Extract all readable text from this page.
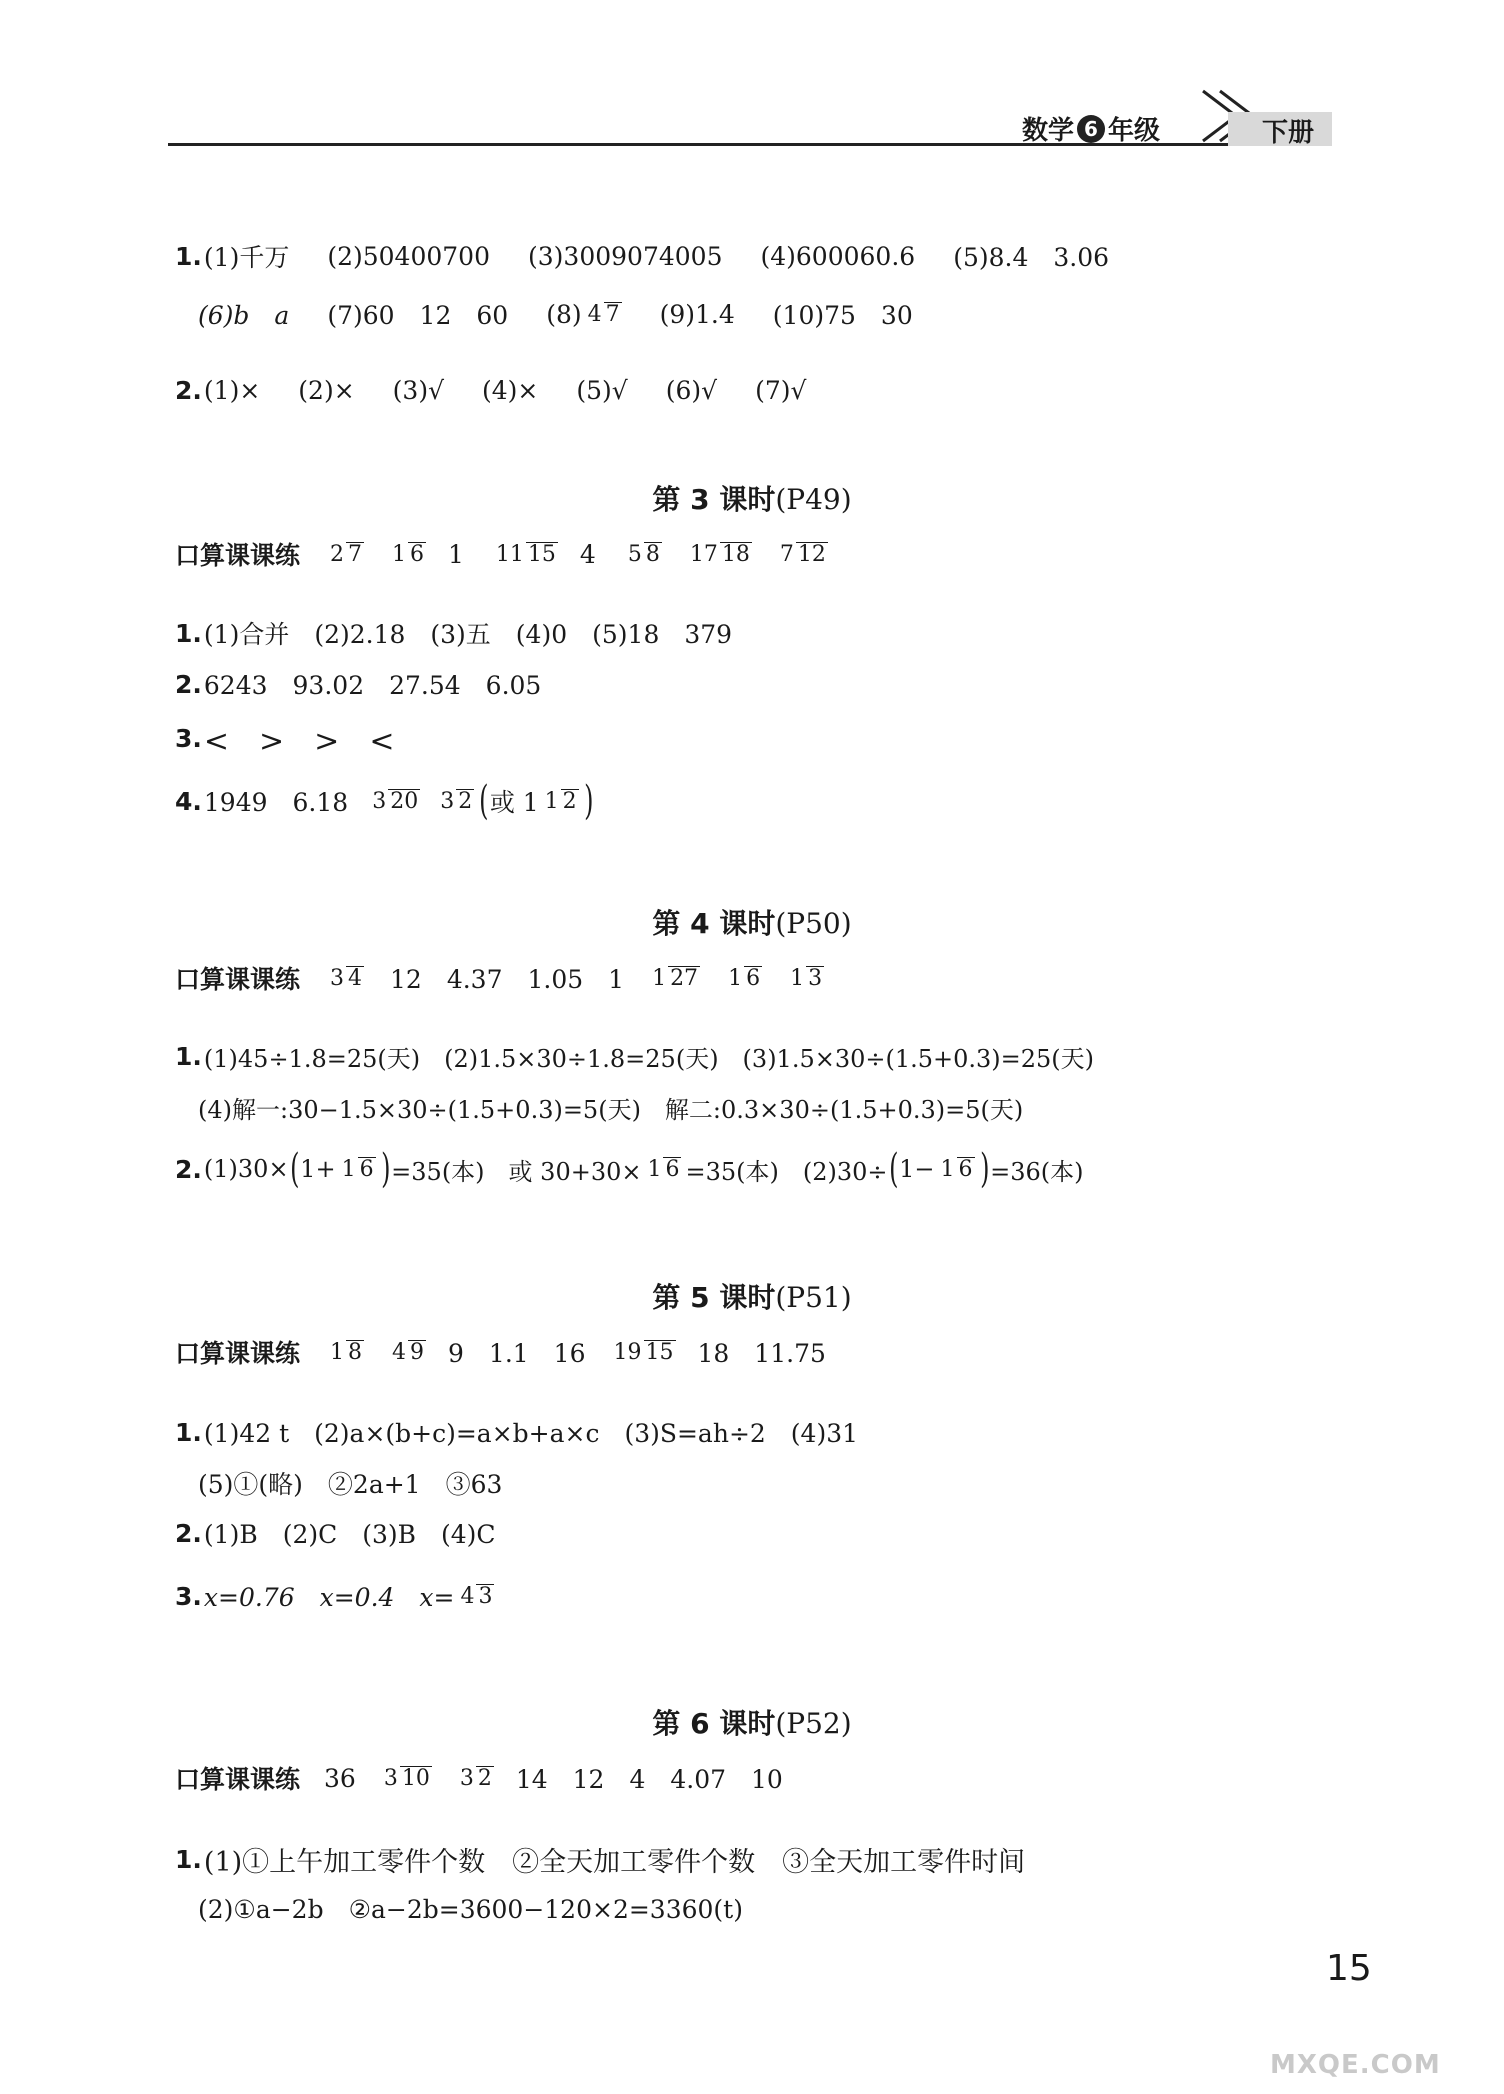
数学 6 年级	下册
1. (1)千万 (2)50400700 (3)3009074005 (4)600060.6 (5)8.4　3.06
(6)b　a (7)60　12　60 (8) 4 7 (9)1.4 (10)75　30
2. (1)× (2)× (3)√ (4)× (5)√ (6)√ (7)√
第 3 课时(P49)
口算课课练 2 7 1 6 1 11 15 4 5 8 17 18 7 12
1. (1)合并　(2)2.18　(3)五　(4)0　(5)18　379
2. 6243　93.02　27.54　6.05
3. <　>　>　<
4. 1949　6.18 3 20 3 2 ( 或 1 1 2 )
第 4 课时(P50)
口算课课练 3 4 12　4.37　1.05　1 1 27 1 6 1 3
1. (1)45÷1.8=25(天)　(2)1.5×30÷1.8=25(天)　(3)1.5×30÷(1.5+0.3)=25(天)
(4)解一:30−1.5×30÷(1.5+0.3)=5(天)　解二:0.3×30÷(1.5+0.3)=5(天)
2. (1)30× ( 1+ 1 6 ) =35(本)　或 30+30× 1 6 =35(本)　(2)30÷ ( 1− 1 6 ) =36(本)
第 5 课时(P51)
口算课课练 1 8 4 9 9　1.1　16 19 15 18　11.75
1. (1)42 t　(2)a×(b+c)=a×b+a×c　(3)S=ah÷2　(4)31
(5)①(略)　②2a+1　③63
2. (1)B　(2)C　(3)B　(4)C
3. x=0.76　x=0.4　x= 4 3
第 6 课时(P52)
口算课课练 36 3 10 3 2 14　12　4　4.07　10
1. (1)①上午加工零件个数　②全天加工零件个数　③全天加工零件时间
(2)①a−2b　②a−2b=3600−120×2=3360(t)
15
MXQE.COM
